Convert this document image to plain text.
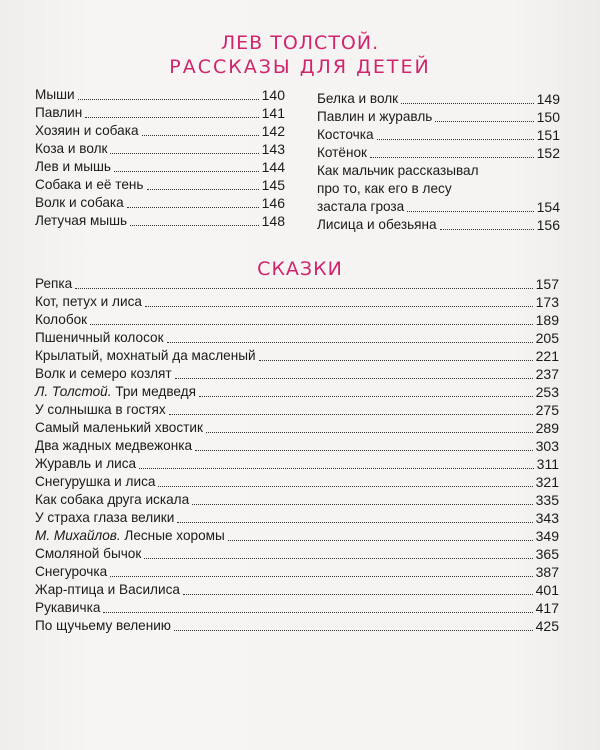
ЛЕВ ТОЛСТОЙ.
РАССКАЗЫ ДЛЯ ДЕТЕЙ
Мыши	140
Павлин	141
Хозяин и собака	142
Коза и волк	143
Лев и мышь	144
Собака и её тень	145
Волк и собака	146
Летучая мышь	148
Белка и волк	149
Павлин и журавль	150
Косточка	151
Котёнок	152
Как мальчик рассказывал
про то, как его в лесу
застала гроза	154
Лисица и обезьяна	156
СКАЗКИ
Репка	157
Кот, петух и лиса	173
Колобок	189
Пшеничный колосок	205
Крылатый, мохнатый да масленый	221
Волк и семеро козлят	237
Л. Толстой. Три медведя	253
У солнышка в гостях	275
Самый маленький хвостик	289
Два жадных медвежонка	303
Журавль и лиса	311
Снегурушка и лиса	321
Как собака друга искала	335
У страха глаза велики	343
М. Михайлов. Лесные хоромы	349
Смоляной бычок	365
Снегурочка	387
Жар-птица и Василиса	401
Рукавичка	417
По щучьему велению	425
